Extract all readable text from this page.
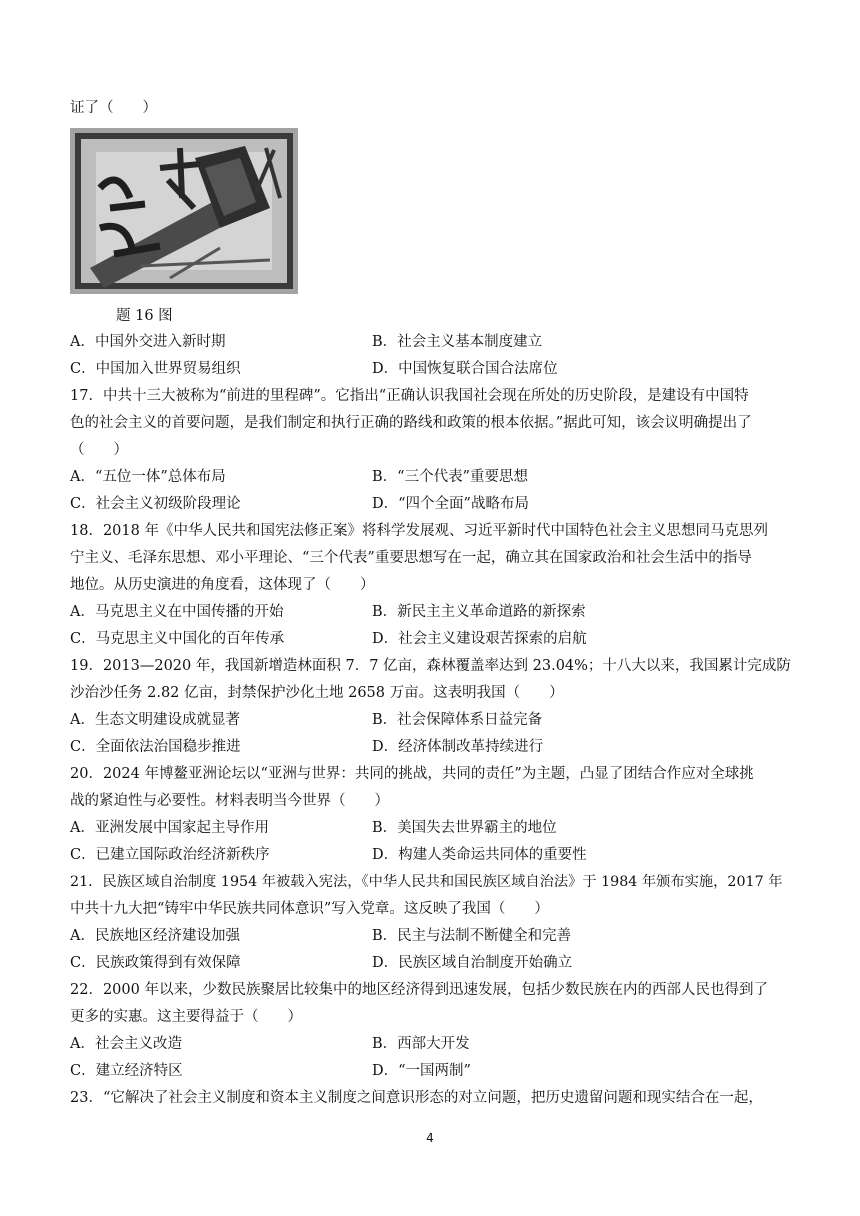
证了（　　）
题 16 图
A．中国外交进入新时期	B．社会主义基本制度建立
C．中国加入世界贸易组织	D．中国恢复联合国合法席位
17．中共十三大被称为“前进的里程碑”。它指出“正确认识我国社会现在所处的历史阶段，是建设有中国特
色的社会主义的首要问题，是我们制定和执行正确的路线和政策的根本依据。”据此可知，该会议明确提出了
（　　）
A．“五位一体”总体布局	B．“三个代表”重要思想
C．社会主义初级阶段理论	D．“四个全面”战略布局
18．2018 年《中华人民共和国宪法修正案》将科学发展观、习近平新时代中国特色社会主义思想同马克思列
宁主义、毛泽东思想、邓小平理论、“三个代表”重要思想写在一起，确立其在国家政治和社会生活中的指导
地位。从历史演进的角度看，这体现了（　　）
A．马克思主义在中国传播的开始	B．新民主主义革命道路的新探索
C．马克思主义中国化的百年传承	D．社会主义建设艰苦探索的启航
19．2013—2020 年，我国新增造林面积 7．7 亿亩，森林覆盖率达到 23.04%；十八大以来，我国累计完成防
沙治沙任务 2.82 亿亩，封禁保护沙化土地 2658 万亩。这表明我国（　　）
A．生态文明建设成就显著	B．社会保障体系日益完备
C．全面依法治国稳步推进	D．经济体制改革持续进行
20．2024 年博鳌亚洲论坛以“亚洲与世界：共同的挑战，共同的责任”为主题，凸显了团结合作应对全球挑
战的紧迫性与必要性。材料表明当今世界（　　）
A．亚洲发展中国家起主导作用	B．美国失去世界霸主的地位
C．已建立国际政治经济新秩序	D．构建人类命运共同体的重要性
21．民族区域自治制度 1954 年被载入宪法，《中华人民共和国民族区域自治法》于 1984 年颁布实施，2017 年
中共十九大把“铸牢中华民族共同体意识”写入党章。这反映了我国（　　）
A．民族地区经济建设加强	B．民主与法制不断健全和完善
C．民族政策得到有效保障	D．民族区域自治制度开始确立
22．2000 年以来，少数民族聚居比较集中的地区经济得到迅速发展，包括少数民族在内的西部人民也得到了
更多的实惠。这主要得益于（　　）
A．社会主义改造	B．西部大开发
C．建立经济特区	D．“一国两制”
23．“它解决了社会主义制度和资本主义制度之间意识形态的对立问题，把历史遗留问题和现实结合在一起，
4
